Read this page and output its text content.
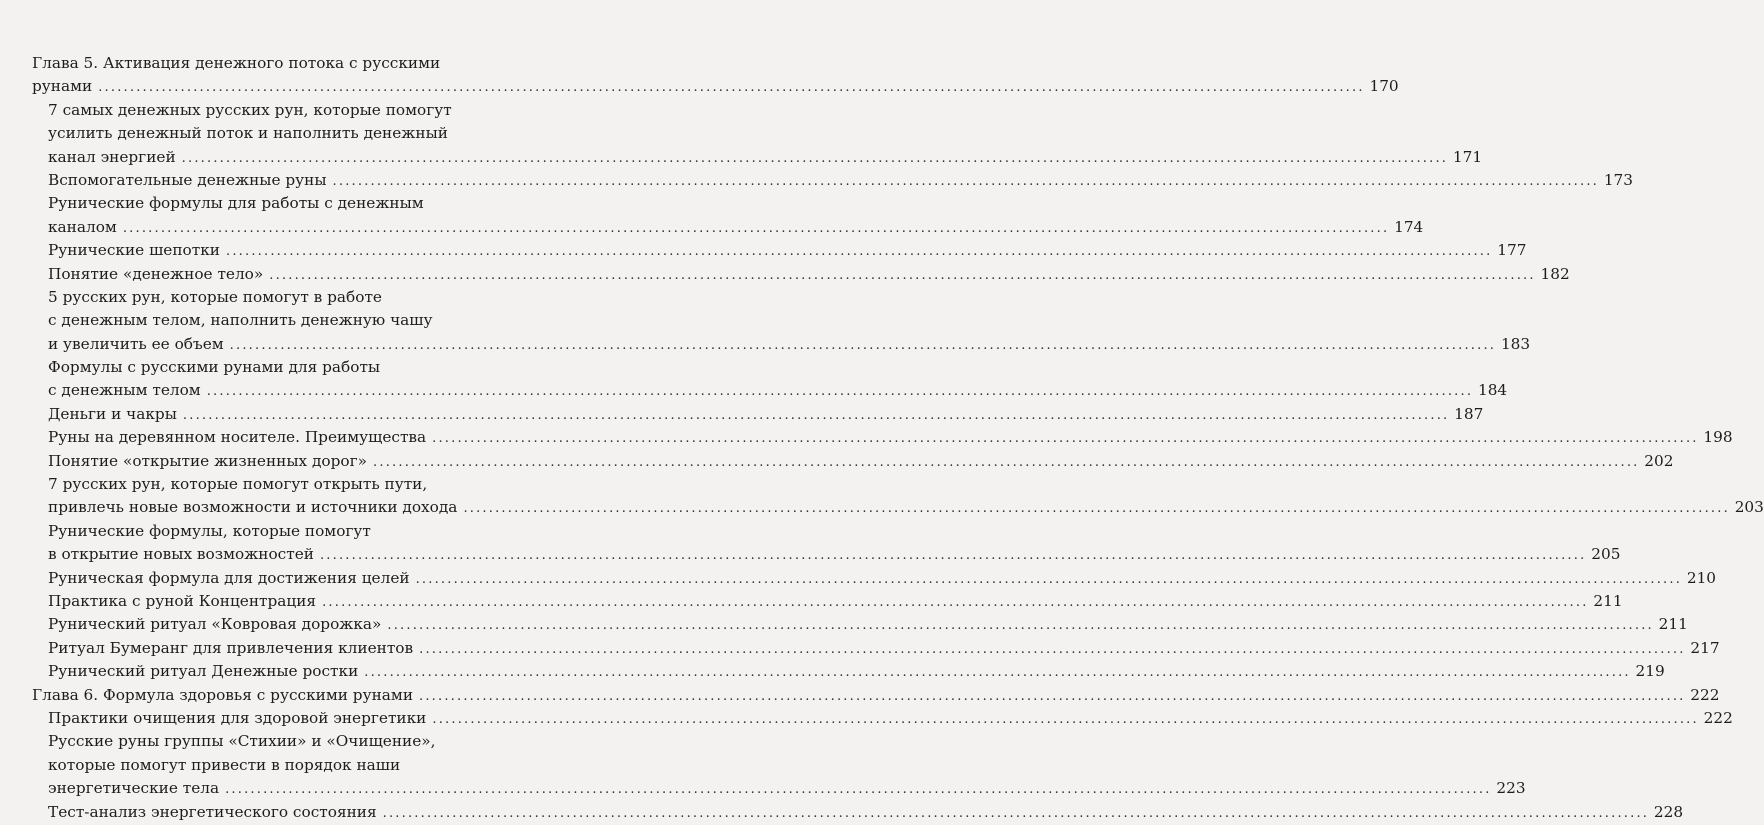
Глава 5. Активация денежного потока с русскими
рунами ........................................................................................................................................................................................................ 170
7 самых денежных русских рун, которые помогут
усилить денежный поток и наполнить денежный
канал энергией ........................................................................................................................................................................................................ 171
Вспомогательные денежные руны ........................................................................................................................................................................................................ 173
Рунические формулы для работы с денежным
каналом ........................................................................................................................................................................................................ 174
Рунические шепотки ........................................................................................................................................................................................................ 177
Понятие «денежное тело» ........................................................................................................................................................................................................ 182
5 русских рун, которые помогут в работе
с денежным телом, наполнить денежную чашу
и увеличить ее объем ........................................................................................................................................................................................................ 183
Формулы с русскими рунами для работы
с денежным телом ........................................................................................................................................................................................................ 184
Деньги и чакры ........................................................................................................................................................................................................ 187
Руны на деревянном носителе. Преимущества ........................................................................................................................................................................................................ 198
Понятие «открытие жизненных дорог» ........................................................................................................................................................................................................ 202
7 русских рун, которые помогут открыть пути,
привлечь новые возможности и источники дохода ........................................................................................................................................................................................................ 203
Рунические формулы, которые помогут
в открытие новых возможностей ........................................................................................................................................................................................................ 205
Руническая формула для достижения целей ........................................................................................................................................................................................................ 210
Практика с руной Концентрация ........................................................................................................................................................................................................ 211
Рунический ритуал «Ковровая дорожка» ........................................................................................................................................................................................................ 211
Ритуал Бумеранг для привлечения клиентов ........................................................................................................................................................................................................ 217
Рунический ритуал Денежные ростки ........................................................................................................................................................................................................ 219
Глава 6. Формула здоровья с русскими рунами ........................................................................................................................................................................................................ 222
Практики очищения для здоровой энергетики ........................................................................................................................................................................................................ 222
Русские руны группы «Стихии» и «Очищение»,
которые помогут привести в порядок наши
энергетические тела ........................................................................................................................................................................................................ 223
Тест-анализ энергетического состояния ........................................................................................................................................................................................................ 228
